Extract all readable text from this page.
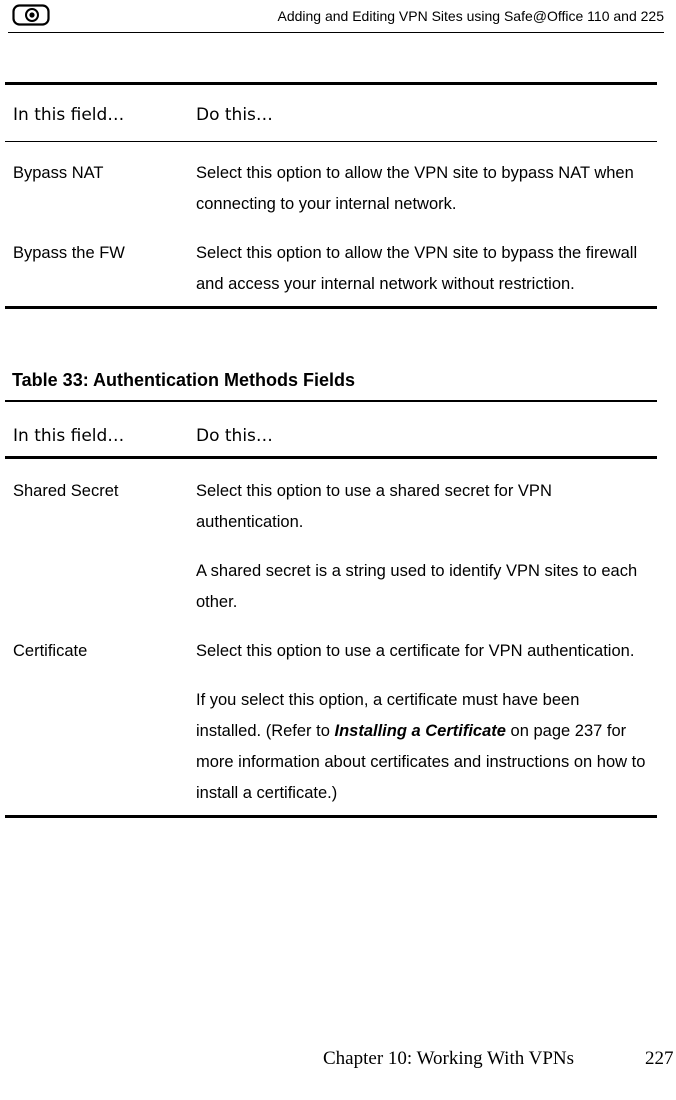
Adding and Editing VPN Sites using Safe@Office 110 and 225
In this field…	Do this…
Bypass NAT	Select this option to allow the VPN site to bypass NAT when connecting to your internal network.

Bypass the FW	Select this option to allow the VPN site to bypass the firewall and access your internal network without restriction.

Table 33: Authentication Methods Fields
In this field…	Do this…
Shared Secret	Select this option to use a shared secret for VPN authentication.

A shared secret is a string used to identify VPN sites to each other.

Certificate	Select this option to use a certificate for VPN authentication.

If you select this option, a certificate must have been installed. (Refer to Installing a Certificate on page 237 for more information about certificates and instructions on how to install a certificate.)

Chapter 10: Working With VPNs	227
